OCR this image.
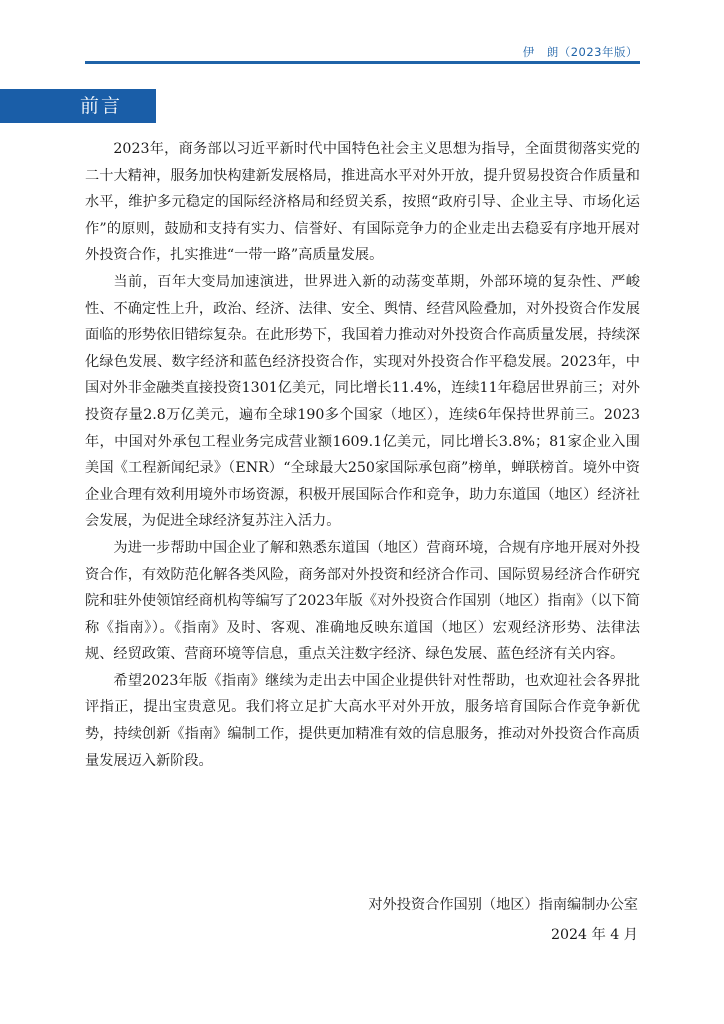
伊　朗（2023年版）
前言

2023年，商务部以习近平新时代中国特色社会主义思想为指导，全面贯彻落实党的二十大精神，服务加快构建新发展格局，推进高水平对外开放，提升贸易投资合作质量和水平，维护多元稳定的国际经济格局和经贸关系，按照“政府引导、企业主导、市场化运作”的原则，鼓励和支持有实力、信誉好、有国际竞争力的企业走出去稳妥有序地开展对外投资合作，扎实推进“一带一路”高质量发展。

当前，百年大变局加速演进，世界进入新的动荡变革期，外部环境的复杂性、严峻性、不确定性上升，政治、经济、法律、安全、舆情、经营风险叠加，对外投资合作发展面临的形势依旧错综复杂。在此形势下，我国着力推动对外投资合作高质量发展，持续深化绿色发展、数字经济和蓝色经济投资合作，实现对外投资合作平稳发展。2023年，中国对外非金融类直接投资1301亿美元，同比增长11.4%，连续11年稳居世界前三；对外投资存量2.8万亿美元，遍布全球190多个国家（地区），连续6年保持世界前三。2023年，中国对外承包工程业务完成营业额1609.1亿美元，同比增长3.8%；81家企业入围美国《工程新闻纪录》（ENR）“全球最大250家国际承包商”榜单，蝉联榜首。境外中资企业合理有效利用境外市场资源，积极开展国际合作和竞争，助力东道国（地区）经济社会发展，为促进全球经济复苏注入活力。

为进一步帮助中国企业了解和熟悉东道国（地区）营商环境，合规有序地开展对外投资合作，有效防范化解各类风险，商务部对外投资和经济合作司、国际贸易经济合作研究院和驻外使领馆经商机构等编写了2023年版《对外投资合作国别（地区）指南》（以下简称《指南》）。《指南》及时、客观、准确地反映东道国（地区）宏观经济形势、法律法规、经贸政策、营商环境等信息，重点关注数字经济、绿色发展、蓝色经济有关内容。

希望2023年版《指南》继续为走出去中国企业提供针对性帮助，也欢迎社会各界批评指正，提出宝贵意见。我们将立足扩大高水平对外开放，服务培育国际合作竞争新优势，持续创新《指南》编制工作，提供更加精准有效的信息服务，推动对外投资合作高质量发展迈入新阶段。

对外投资合作国别（地区）指南编制办公室
2024 年 4 月
